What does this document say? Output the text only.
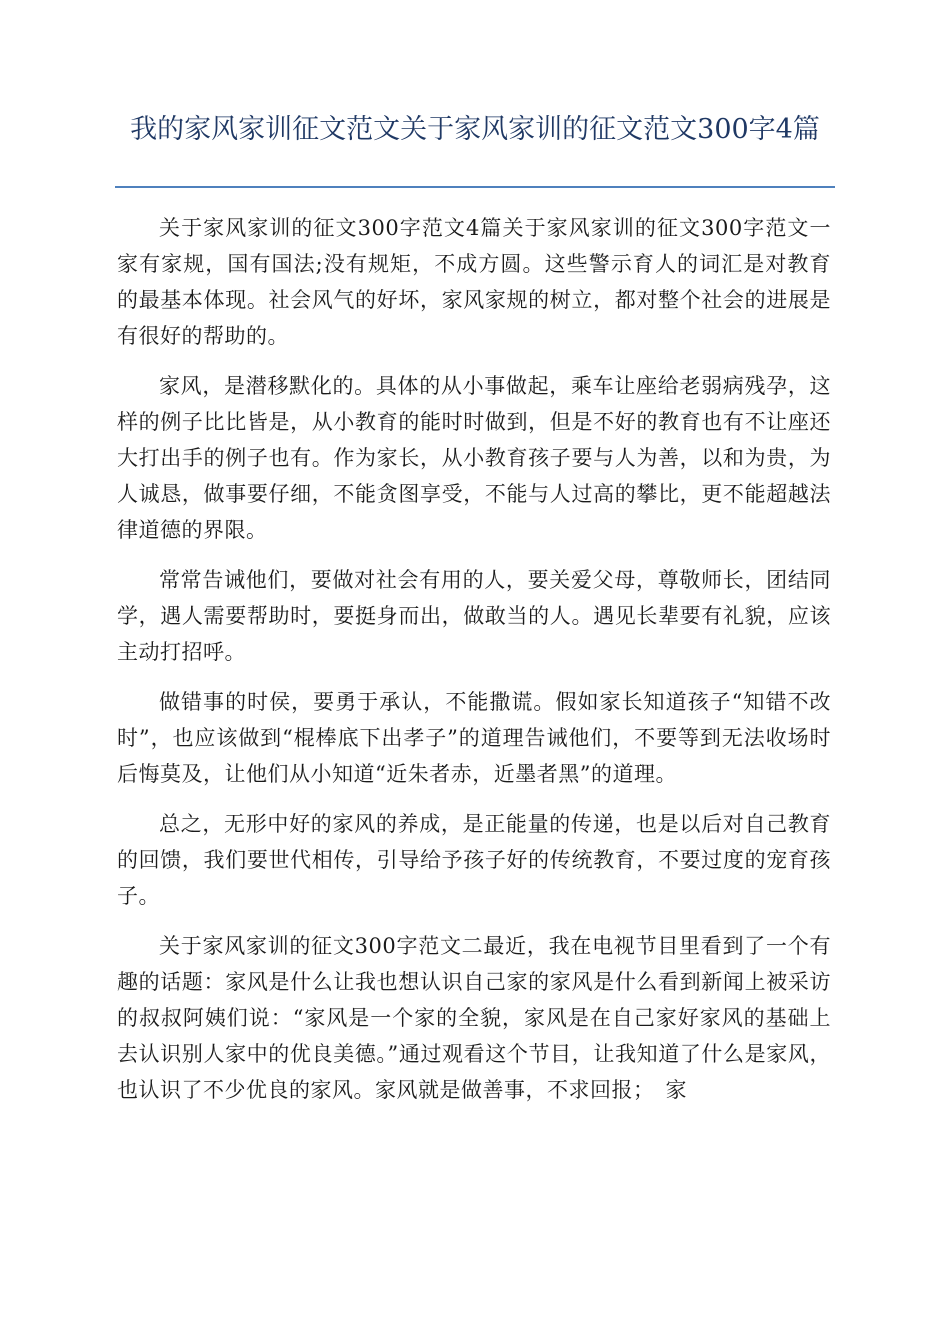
我的家风家训征文范文关于家风家训的征文范文300字4篇

关于家风家训的征文300字范文4篇关于家风家训的征文300字范文一家有家规，国有国法;没有规矩，不成方圆。这些警示育人的词汇是对教育的最基本体现。社会风气的好坏，家风家规的树立，都对整个社会的进展是有很好的帮助的。

家风，是潜移默化的。具体的从小事做起，乘车让座给老弱病残孕，这样的例子比比皆是，从小教育的能时时做到，但是不好的教育也有不让座还大打出手的例子也有。作为家长，从小教育孩子要与人为善，以和为贵，为人诚恳，做事要仔细，不能贪图享受，不能与人过高的攀比，更不能超越法律道德的界限。

常常告诫他们，要做对社会有用的人，要关爱父母，尊敬师长，团结同学，遇人需要帮助时，要挺身而出，做敢当的人。遇见长辈要有礼貌，应该主动打招呼。

做错事的时侯，要勇于承认，不能撒谎。假如家长知道孩子“知错不改时”，也应该做到“棍棒底下出孝子”的道理告诫他们，不要等到无法收场时后悔莫及，让他们从小知道“近朱者赤，近墨者黑”的道理。

总之，无形中好的家风的养成，是正能量的传递，也是以后对自己教育的回馈，我们要世代相传，引导给予孩子好的传统教育，不要过度的宠育孩子。

关于家风家训的征文300字范文二最近，我在电视节目里看到了一个有趣的话题：家风是什么让我也想认识自己家的家风是什么看到新闻上被采访的叔叔阿姨们说：“家风是一个家的全貌，家风是在自己家好家风的基础上去认识别人家中的优良美德。”通过观看这个节目，让我知道了什么是家风，也认识了不少优良的家风。家风就是做善事，不求回报；　家
